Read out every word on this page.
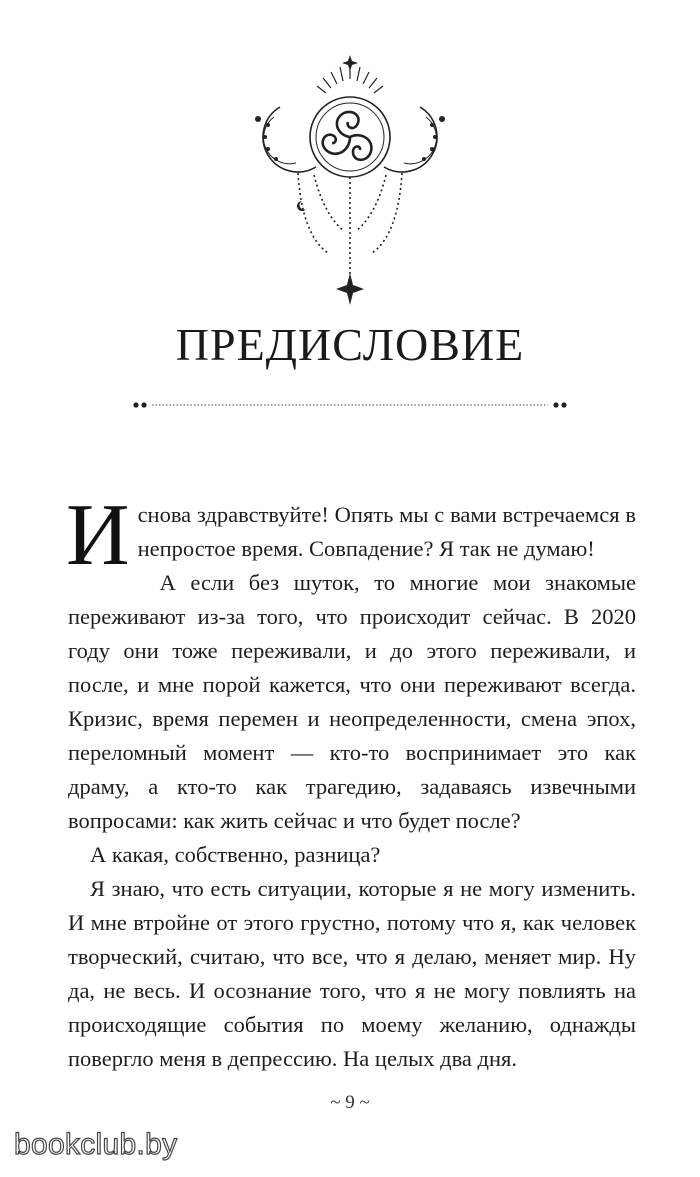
ПРЕДИСЛОВИЕ

И снова здравствуйте! Опять мы с вами встречаемся в непростое время. Совпадение? Я так не думаю!

А если без шуток, то многие мои знакомые переживают из-за того, что происходит сейчас. В 2020 году они тоже переживали, и до этого переживали, и после, и мне порой кажется, что они переживают всегда. Кризис, время перемен и неопределенности, смена эпох, переломный момент — кто-то воспринимает это как драму, а кто-то как трагедию, задаваясь извечными вопросами: как жить сейчас и что будет после?

А какая, собственно, разница?

Я знаю, что есть ситуации, которые я не могу изменить. И мне втройне от этого грустно, потому что я, как человек творческий, считаю, что все, что я делаю, меняет мир. Ну да, не весь. И осознание того, что я не могу повлиять на происходящие события по моему желанию, однажды повергло меня в депрессию. На целых два дня.

~ 9 ~
bookclub.by
